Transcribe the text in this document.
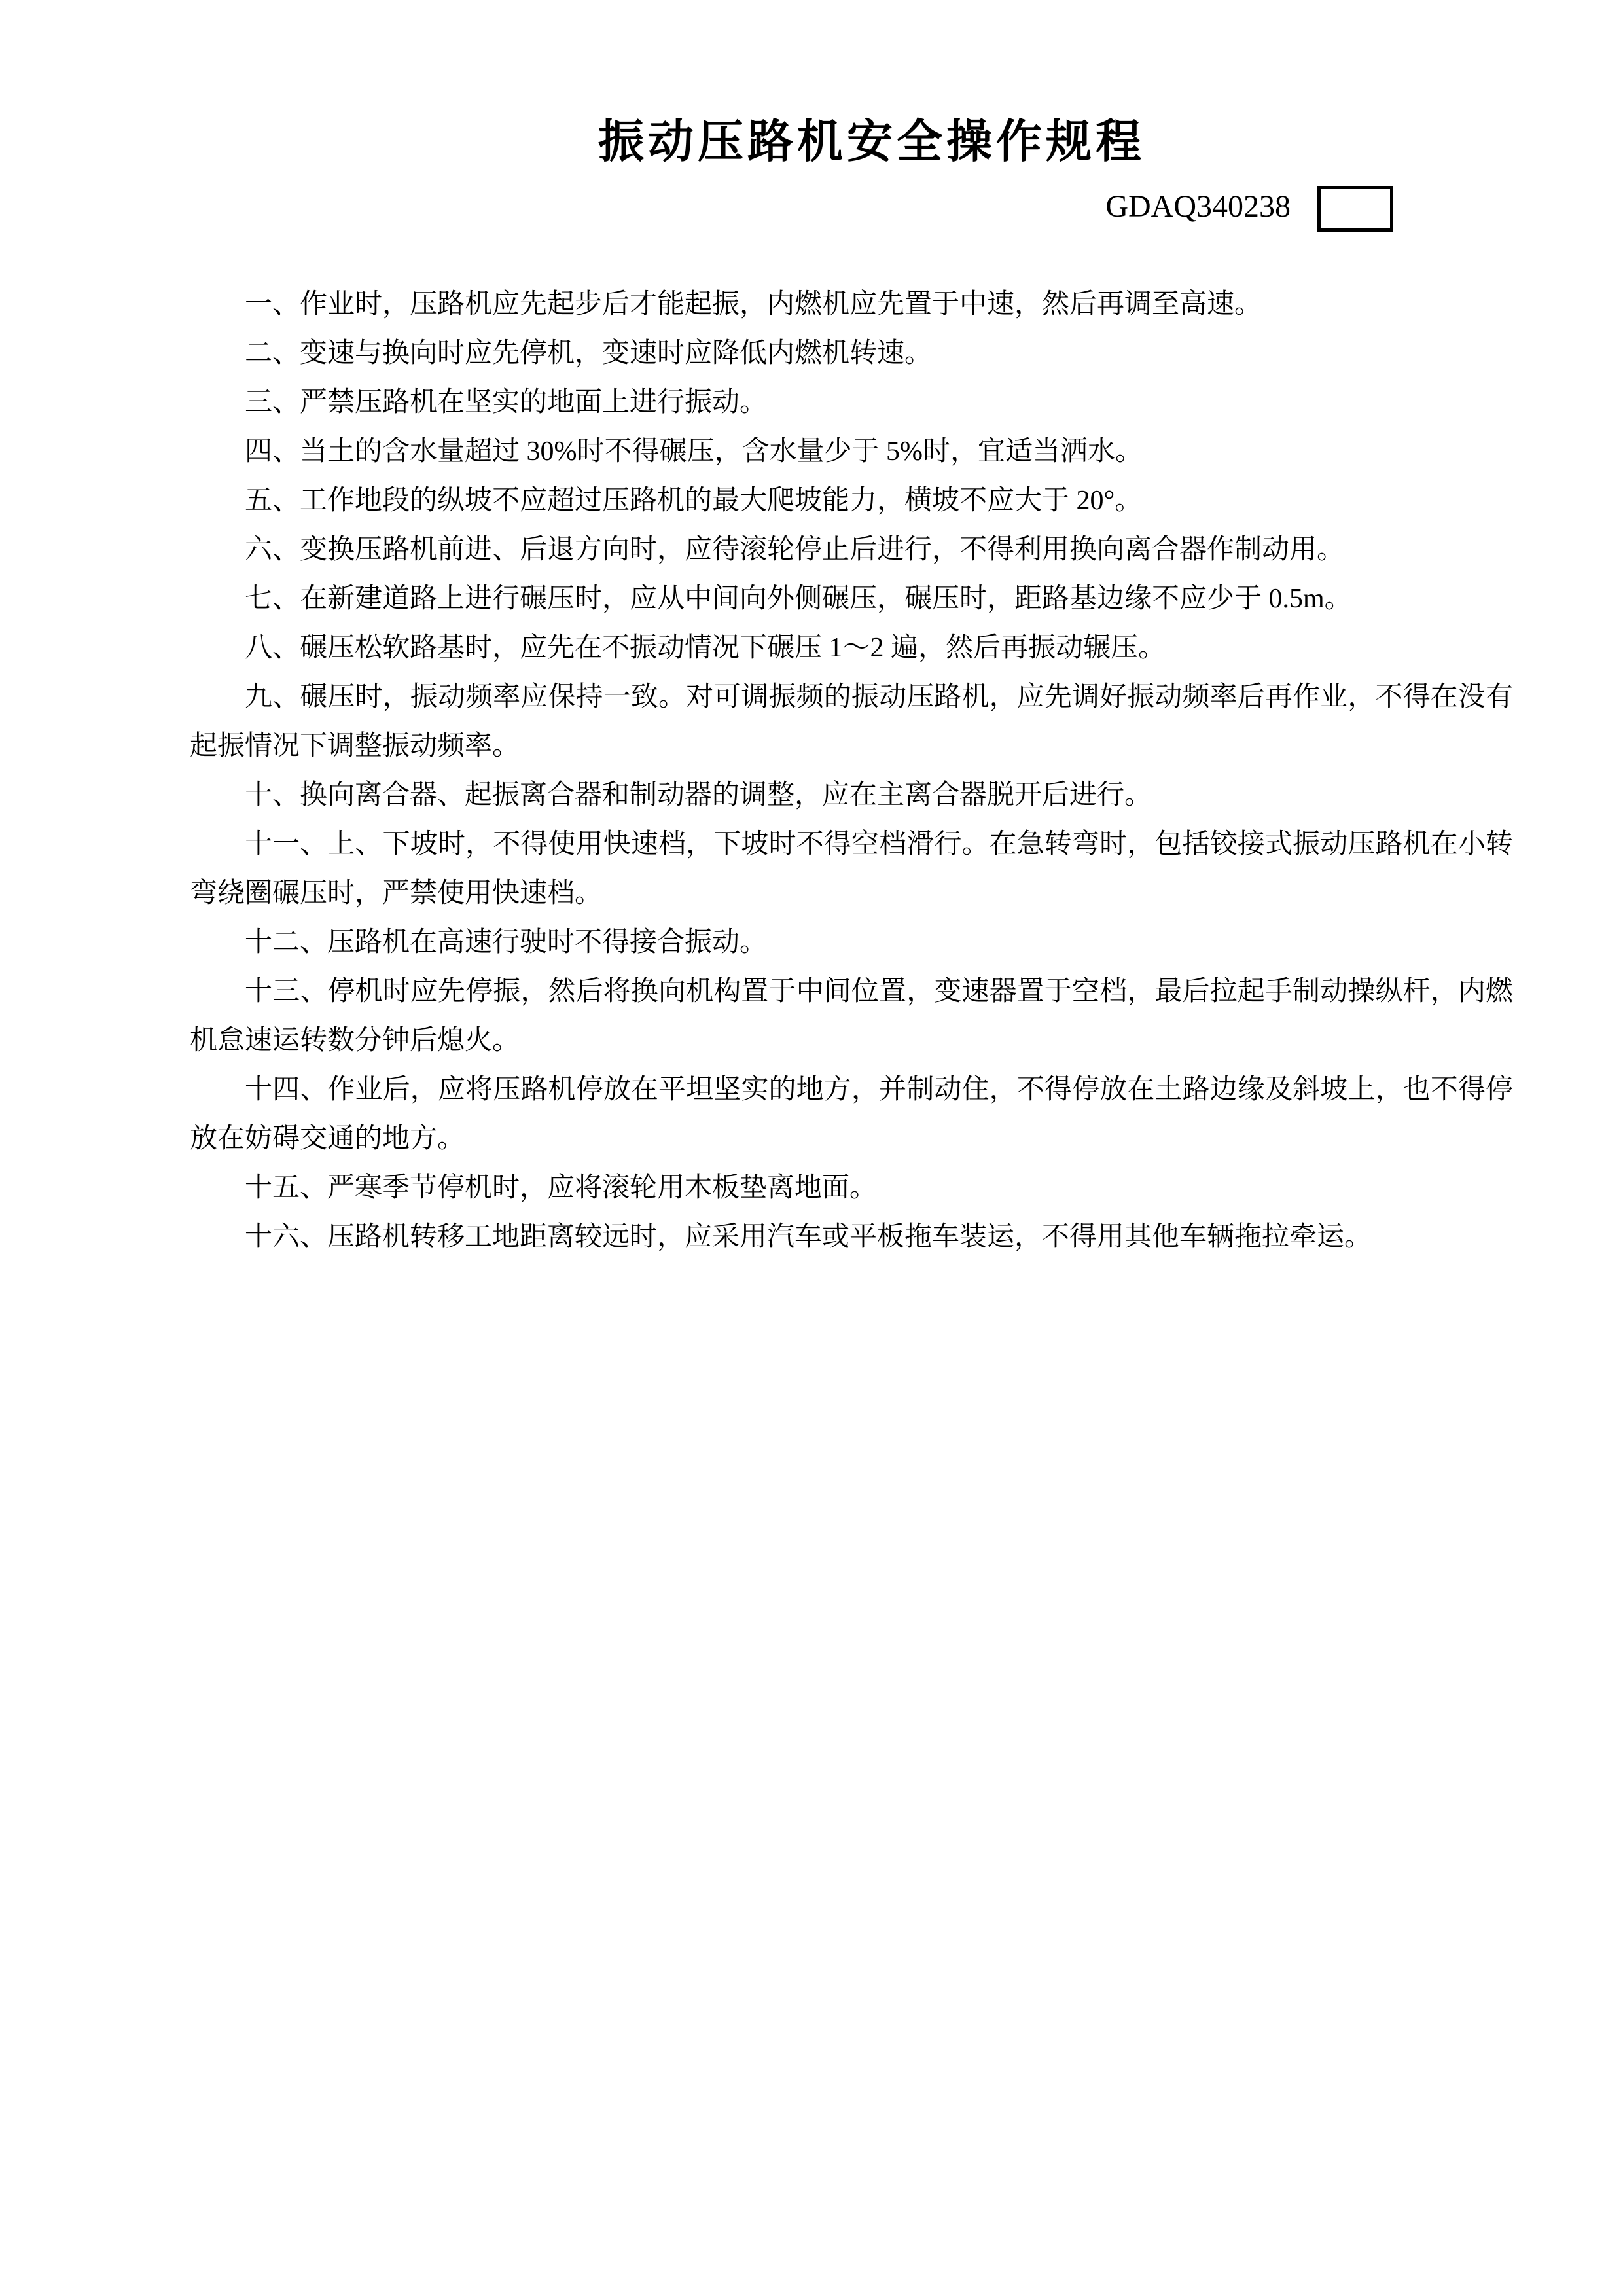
振动压路机安全操作规程
GDAQ340238

一、作业时，压路机应先起步后才能起振，内燃机应先置于中速，然后再调至高速。

二、变速与换向时应先停机，变速时应降低内燃机转速。

三、严禁压路机在坚实的地面上进行振动。

四、当土的含水量超过 30%时不得碾压，含水量少于 5%时，宜适当洒水。

五、工作地段的纵坡不应超过压路机的最大爬坡能力，横坡不应大于 20°。

六、变换压路机前进、后退方向时，应待滚轮停止后进行，不得利用换向离合器作制动用。

七、在新建道路上进行碾压时，应从中间向外侧碾压，碾压时，距路基边缘不应少于 0.5m。

八、碾压松软路基时，应先在不振动情况下碾压 1～2 遍，然后再振动辗压。

九、碾压时，振动频率应保持一致。对可调振频的振动压路机，应先调好振动频率后再作业，不得在没有起振情况下调整振动频率。

十、换向离合器、起振离合器和制动器的调整，应在主离合器脱开后进行。

十一、上、下坡时，不得使用快速档，下坡时不得空档滑行。在急转弯时，包括铰接式振动压路机在小转弯绕圈碾压时，严禁使用快速档。

十二、压路机在高速行驶时不得接合振动。

十三、停机时应先停振，然后将换向机构置于中间位置，变速器置于空档，最后拉起手制动操纵杆，内燃机怠速运转数分钟后熄火。

十四、作业后，应将压路机停放在平坦坚实的地方，并制动住，不得停放在土路边缘及斜坡上，也不得停放在妨碍交通的地方。

十五、严寒季节停机时，应将滚轮用木板垫离地面。

十六、压路机转移工地距离较远时，应采用汽车或平板拖车装运，不得用其他车辆拖拉牵运。
